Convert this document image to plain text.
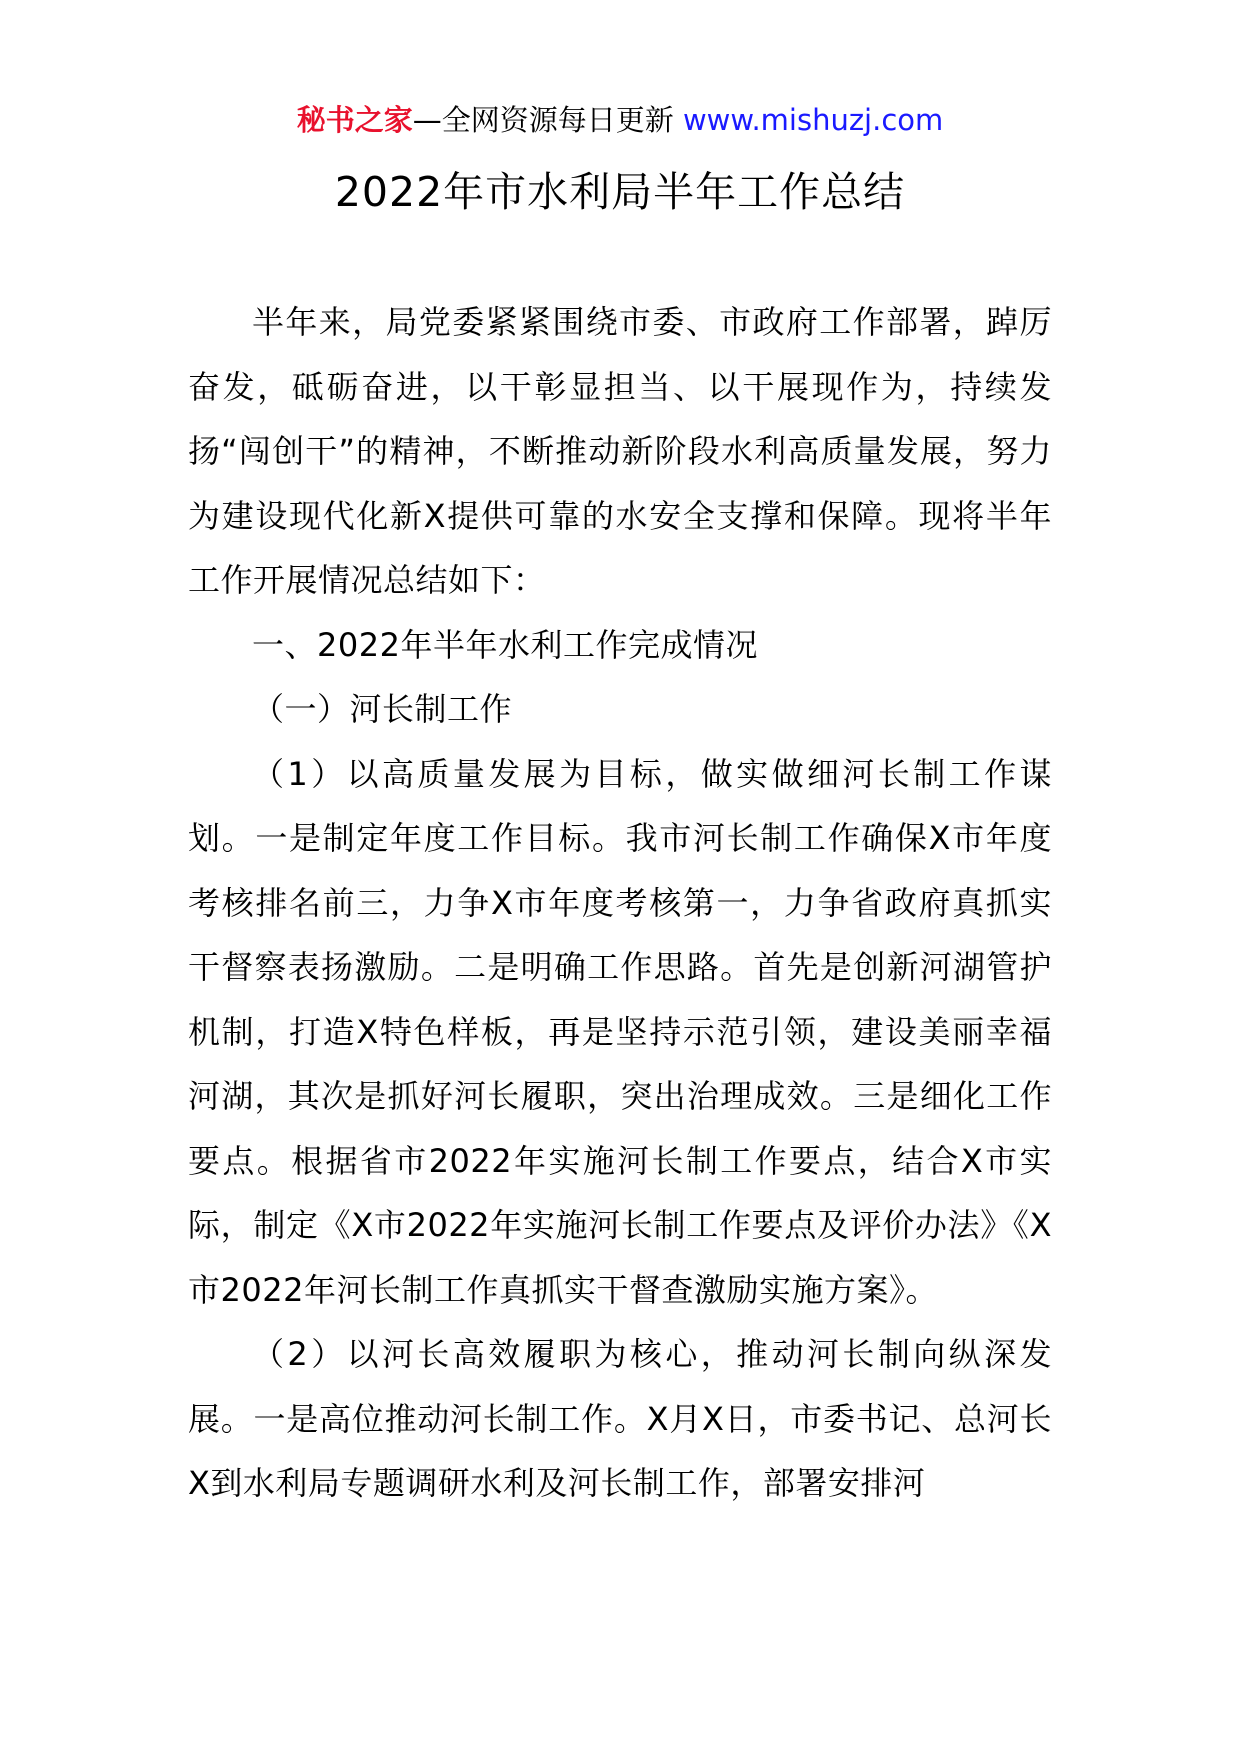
秘书之家—全网资源每日更新 www.mishuzj.com
2022年市水利局半年工作总结

半年来，局党委紧紧围绕市委、市政府工作部署，踔厉奋发，砥砺奋进，以干彰显担当、以干展现作为，持续发扬“闯创干”的精神，不断推动新阶段水利高质量发展，努力为建设现代化新X提供可靠的水安全支撑和保障。现将半年工作开展情况总结如下：

一、2022年半年水利工作完成情况

（一）河长制工作

（1）以高质量发展为目标，做实做细河长制工作谋划。一是制定年度工作目标。我市河长制工作确保X市年度考核排名前三，力争X市年度考核第一，力争省政府真抓实干督察表扬激励。二是明确工作思路。首先是创新河湖管护机制，打造X特色样板，再是坚持示范引领，建设美丽幸福河湖，其次是抓好河长履职，突出治理成效。三是细化工作要点。根据省市2022年实施河长制工作要点，结合X市实际，制定《X市2022年实施河长制工作要点及评价办法》《X市2022年河长制工作真抓实干督查激励实施方案》。

（2）以河长高效履职为核心，推动河长制向纵深发展。一是高位推动河长制工作。X月X日，市委书记、总河长X到水利局专题调研水利及河长制工作，部署安排河
